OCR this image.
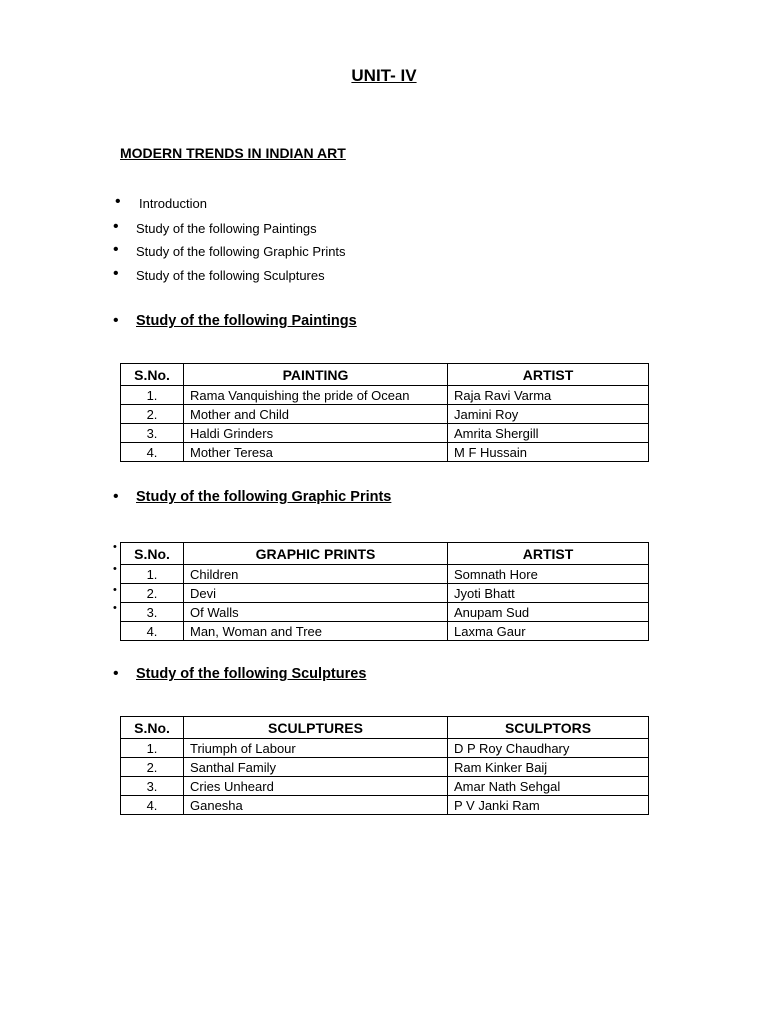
UNIT- IV
MODERN TRENDS IN INDIAN ART
• Introduction
• Study of the following Paintings
• Study of the following Graphic Prints
• Study of the following Sculptures
• Study of the following Paintings
S.No.	PAINTING	ARTIST
1.	Rama Vanquishing the pride of Ocean	Raja Ravi Varma
2.	Mother and Child	Jamini Roy
3.	Haldi Grinders	Amrita Shergill
4.	Mother Teresa	M F Hussain
• Study of the following Graphic Prints
•
•
•
•
S.No.	GRAPHIC PRINTS	ARTIST
1.	Children	Somnath Hore
2.	Devi	Jyoti Bhatt
3.	Of Walls	Anupam Sud
4.	Man, Woman and Tree	Laxma Gaur
• Study of the following Sculptures
S.No.	SCULPTURES	SCULPTORS
1.	Triumph of Labour	D P Roy Chaudhary
2.	Santhal Family	Ram Kinker Baij
3.	Cries Unheard	Amar Nath Sehgal
4.	Ganesha	P V Janki Ram
